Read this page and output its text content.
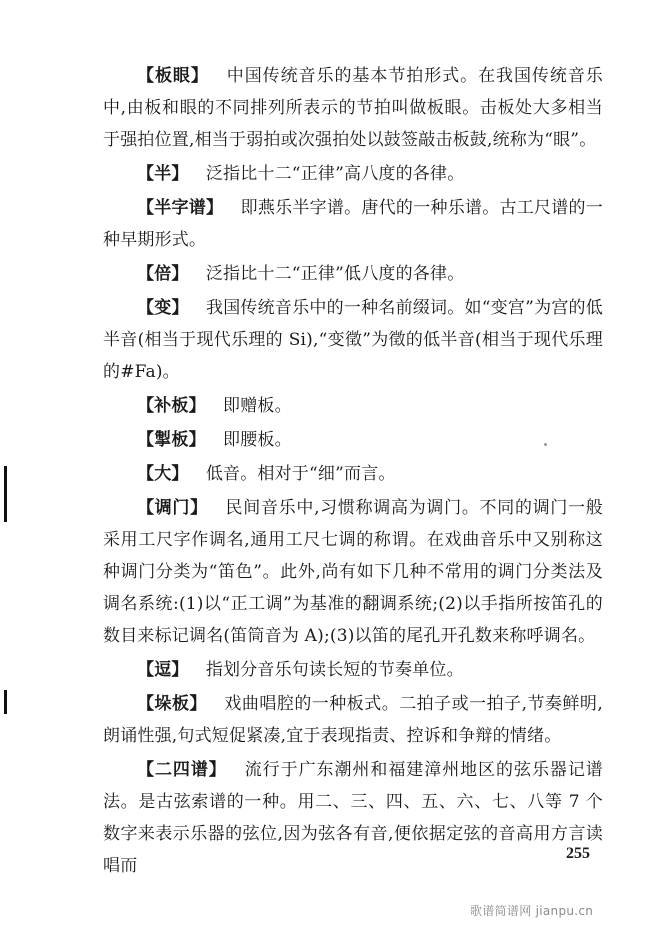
【板眼】  中国传统音乐的基本节拍形式。在我国传统音乐中,由板和眼的不同排列所表示的节拍叫做板眼。击板处大多相当于强拍位置,相当于弱拍或次强拍处以鼓签敲击板鼓,统称为“眼”。

【半】  泛指比十二“正律”高八度的各律。

【半字谱】  即燕乐半字谱。唐代的一种乐谱。古工尺谱的一种早期形式。

【倍】  泛指比十二“正律”低八度的各律。

【变】  我国传统音乐中的一种名前缀词。如“变宫”为宫的低半音(相当于现代乐理的 Si),“变徵”为徵的低半音(相当于现代乐理的#Fa)。

【补板】  即赠板。

【掣板】  即腰板。

【大】  低音。相对于“细”而言。

【调门】  民间音乐中,习惯称调高为调门。不同的调门一般采用工尺字作调名,通用工尺七调的称谓。在戏曲音乐中又别称这种调门分类为“笛色”。此外,尚有如下几种不常用的调门分类法及调名系统:(1)以“正工调”为基准的翻调系统;(2)以手指所按笛孔的数目来标记调名(笛筒音为 A);(3)以笛的尾孔开孔数来称呼调名。

【逗】  指划分音乐句读长短的节奏单位。

【垛板】  戏曲唱腔的一种板式。二拍子或一拍子,节奏鲜明,朗诵性强,句式短促紧凑,宜于表现指责、控诉和争辩的情绪。

【二四谱】  流行于广东潮州和福建漳州地区的弦乐器记谱法。是古弦索谱的一种。用二、三、四、五、六、七、八等 7 个数字来表示乐器的弦位,因为弦各有音,便依据定弦的音高用方言读唱而

255
歌谱简谱网 jianpu.cn
